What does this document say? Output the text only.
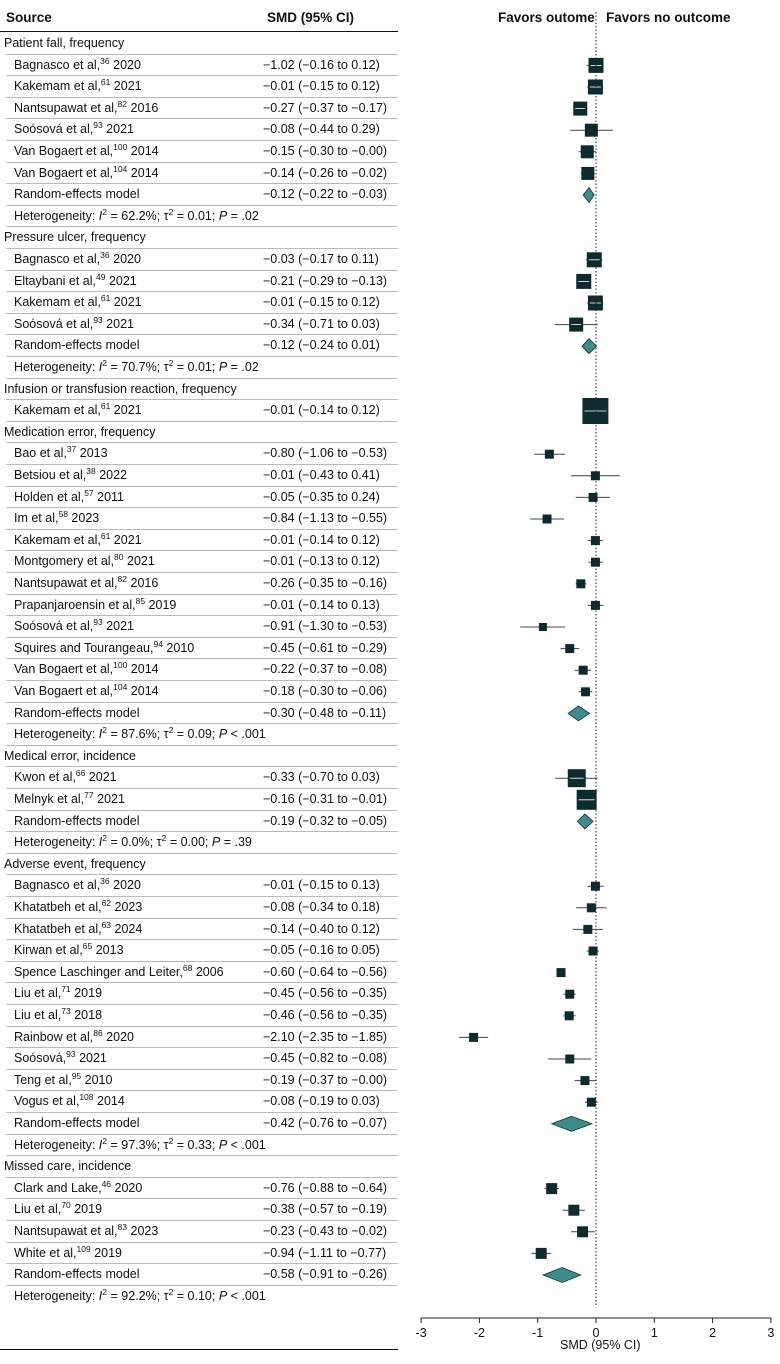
Source	SMD (95% CI)	Favors outome Favors no outcome
Patient fall, frequency
Bagnasco et al,$^{36}$ 2020	−1.02 (−0.16 to 0.12)
Kakemam et al,$^{61}$ 2021	−0.01 (−0.15 to 0.12)
Nantsupawat et al,$^{82}$ 2016	−0.27 (−0.37 to −0.17)
Soósová et al,$^{93}$ 2021	−0.08 (−0.44 to 0.29)
Van Bogaert et al,$^{100}$ 2014	−0.15 (−0.30 to −0.00)
Van Bogaert et al,$^{104}$ 2014	−0.14 (−0.26 to −0.02)
Random-effects model	−0.12 (−0.22 to −0.03)
Heterogeneity: $I^2 = 62.2\%$; $\tau^2 = 0.01$; P = .02
Pressure ulcer, frequency
Bagnasco et al,$^{36}$ 2020	−0.03 (−0.17 to 0.11)
Eltaybani et al,$^{49}$ 2021	−0.21 (−0.29 to −0.13)
Kakemam et al,$^{61}$ 2021	−0.01 (−0.15 to 0.12)
Soósová et al,$^{93}$ 2021	−0.34 (−0.71 to 0.03)
Random-effects model	−0.12 (−0.24 to 0.01)
Heterogeneity: $I^2 = 70.7\%$; $\tau^2 = 0.01$; P = .02
Infusion or transfusion reaction, frequency
Kakemam et al,$^{61}$ 2021	−0.01 (−0.14 to 0.12)
Medication error, frequency
Bao et al,$^{37}$ 2013	−0.80 (−1.06 to −0.53)
Betsiou et al,$^{38}$ 2022	−0.01 (−0.43 to 0.41)
Holden et al,$^{57}$ 2011	−0.05 (−0.35 to 0.24)
Im et al,$^{58}$ 2023	−0.84 (−1.13 to −0.55)
Kakemam et al,$^{61}$ 2021	−0.01 (−0.14 to 0.12)
Montgomery et al,$^{80}$ 2021	−0.01 (−0.13 to 0.12)
Nantsupawat et al,$^{82}$ 2016	−0.26 (−0.35 to −0.16)
Prapanjaroensin et al,$^{85}$ 2019	−0.01 (−0.14 to 0.13)
Soósová et al,$^{93}$ 2021	−0.91 (−1.30 to −0.53)
Squires and Tourangeau,$^{94}$ 2010	−0.45 (−0.61 to −0.29)
Van Bogaert et al,$^{100}$ 2014	−0.22 (−0.37 to −0.08)
Van Bogaert et al,$^{104}$ 2014	−0.18 (−0.30 to −0.06)
Random-effects model	−0.30 (−0.48 to −0.11)
Heterogeneity: $I^2 = 87.6\%$; $\tau^2 = 0.09$; P < .001
Medical error, incidence
Kwon et al,$^{66}$ 2021	−0.33 (−0.70 to 0.03)
Melnyk et al,$^{77}$ 2021	−0.16 (−0.31 to −0.01)
Random-effects model	−0.19 (−0.32 to −0.05)
Heterogeneity: $I^2 = 0.0\%$; $\tau^2 = 0.00$; P = .39
Adverse event, frequency
Bagnasco et al,$^{36}$ 2020	−0.01 (−0.15 to 0.13)
Khatatbeh et al,$^{62}$ 2023	−0.08 (−0.34 to 0.18)
Khatatbeh et al,$^{63}$ 2024	−0.14 (−0.40 to 0.12)
Kirwan et al,$^{65}$ 2013	−0.05 (−0.16 to 0.05)
Spence Laschinger and Leiter,$^{68}$ 2006	−0.60 (−0.64 to −0.56)
Liu et al,$^{71}$ 2019	−0.45 (−0.56 to −0.35)
Liu et al,$^{73}$ 2018	−0.46 (−0.56 to −0.35)
Rainbow et al,$^{86}$ 2020	−2.10 (−2.35 to −1.85)
Soósová,$^{93}$ 2021	−0.45 (−0.82 to −0.08)
Teng et al,$^{95}$ 2010	−0.19 (−0.37 to −0.00)
Vogus et al,$^{108}$ 2014	−0.08 (−0.19 to 0.03)
Random-effects model	−0.42 (−0.76 to −0.07)
Heterogeneity: $I^2 = 97.3\%$; $\tau^2 = 0.33$; P < .001
Missed care, incidence
Clark and Lake,$^{46}$ 2020	−0.76 (−0.88 to −0.64)
Liu et al,$^{70}$ 2019	−0.38 (−0.57 to −0.19)
Nantsupawat et al,$^{83}$ 2023	−0.23 (−0.43 to −0.02)
White et al,$^{109}$ 2019	−0.94 (−1.11 to −0.77)
Random-effects model	−0.58 (−0.91 to −0.26)
Heterogeneity: $I^2 = 92.2\%$; $\tau^2 = 0.10$; P < .001
-3	-2	-1	0	1	2	3
SMD (95% CI)
